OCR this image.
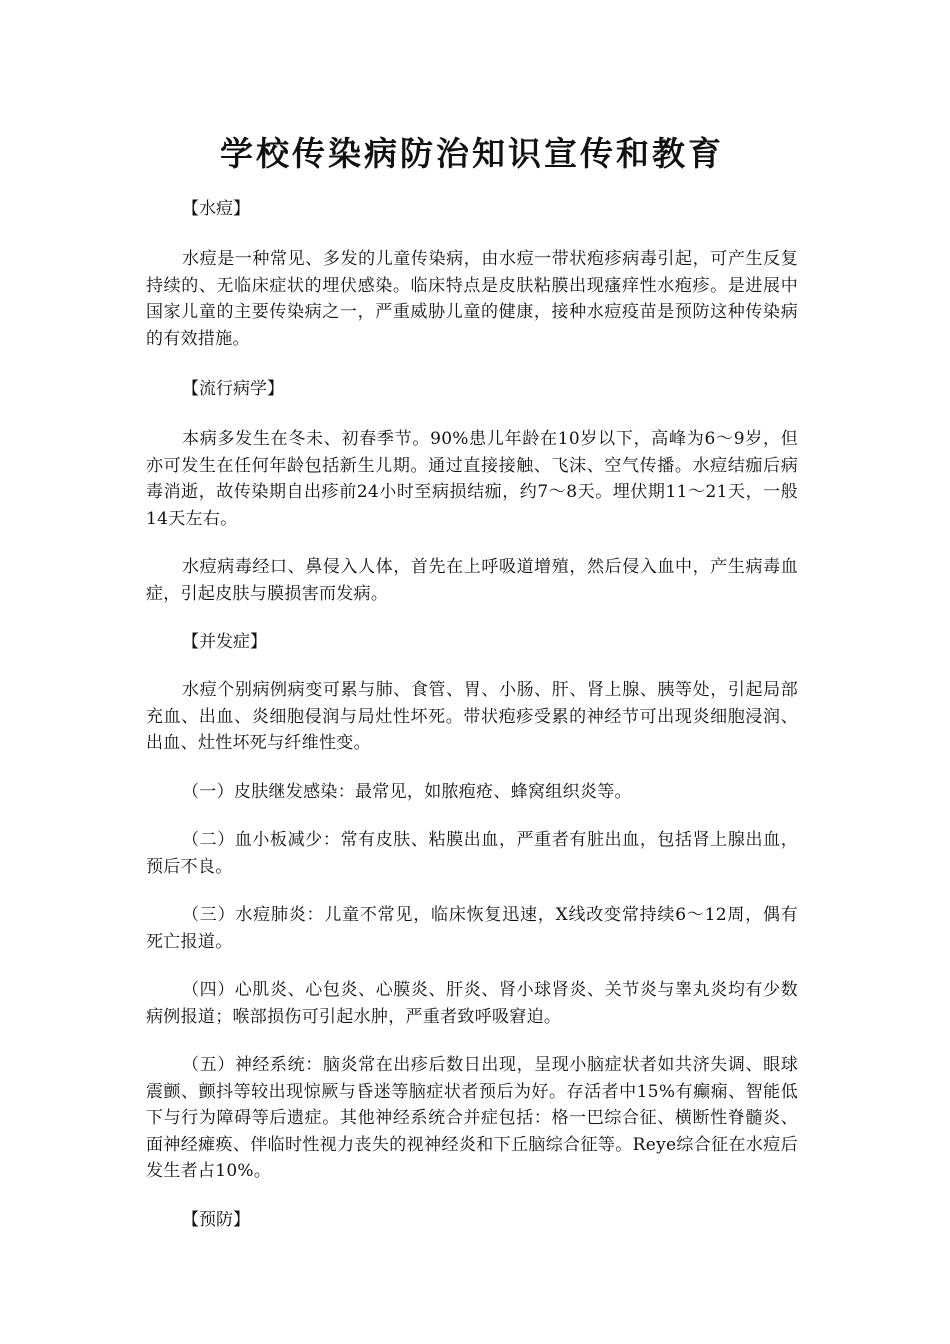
学校传染病防治知识宣传和教育

【水痘】

水痘是一种常见、多发的儿童传染病，由水痘一带状疱疹病毒引起，可产生反复持续的、无临床症状的埋伏感染。临床特点是皮肤粘膜出现瘙痒性水疱疹。是进展中国家儿童的主要传染病之一，严重威胁儿童的健康，接种水痘疫苗是预防这种传染病的有效措施。

【流行病学】

本病多发生在冬未、初春季节。90%患儿年龄在10岁以下，高峰为6～9岁，但亦可发生在任何年龄包括新生儿期。通过直接接触、飞沫、空气传播。水痘结痂后病毒消逝，故传染期自出疹前24小时至病损结痂，约7～8天。埋伏期11～21天，一般14天左右。

水痘病毒经口、鼻侵入人体，首先在上呼吸道增殖，然后侵入血中，产生病毒血症，引起皮肤与膜损害而发病。

【并发症】

水痘个别病例病变可累与肺、食管、胃、小肠、肝、肾上腺、胰等处，引起局部充血、出血、炎细胞侵润与局灶性坏死。带状疱疹受累的神经节可出现炎细胞浸润、出血、灶性坏死与纤维性变。

（一）皮肤继发感染：最常见，如脓疱疮、蜂窝组织炎等。

（二）血小板减少：常有皮肤、粘膜出血，严重者有脏出血，包括肾上腺出血，预后不良。

（三）水痘肺炎：儿童不常见，临床恢复迅速，X线改变常持续6～12周，偶有死亡报道。

（四）心肌炎、心包炎、心膜炎、肝炎、肾小球肾炎、关节炎与睾丸炎均有少数病例报道；喉部损伤可引起水肿，严重者致呼吸窘迫。

（五）神经系统：脑炎常在出疹后数日出现，呈现小脑症状者如共济失调、眼球震颤、颤抖等较出现惊厥与昏迷等脑症状者预后为好。存活者中15%有癫痫、智能低下与行为障碍等后遗症。其他神经系统合并症包括：格一巴综合征、横断性脊髓炎、面神经瘫痪、伴临时性视力丧失的视神经炎和下丘脑综合征等。Reye综合征在水痘后发生者占10%。

【预防】
